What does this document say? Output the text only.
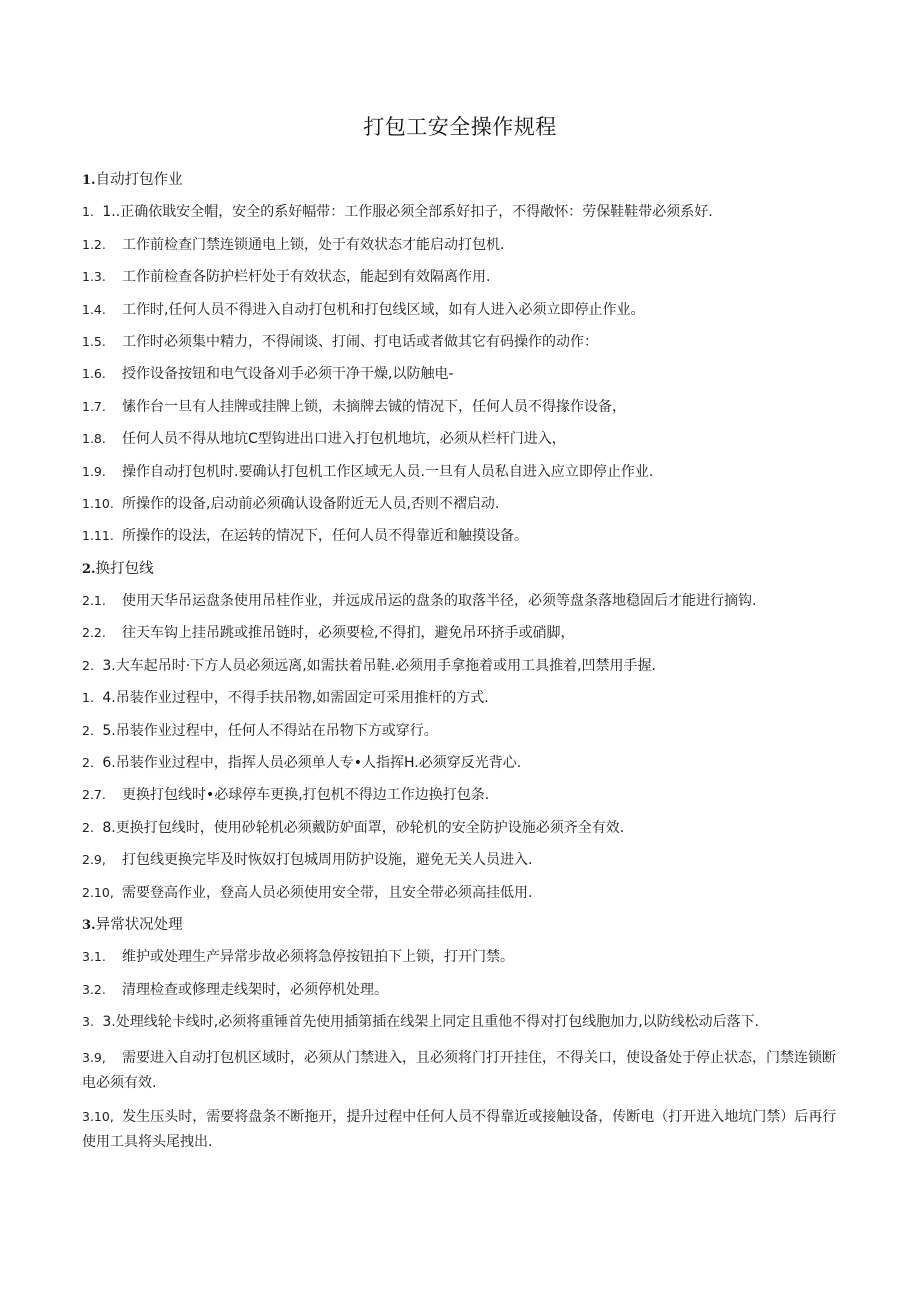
打包工安全操作规程
1.自动打包作业
1. 1..正确依戢安全帽，安全的系好幅带：工作服必须全部系好扣子，不得敞怀：劳保鞋鞋带必须系好.
1.2. 工作前检查门禁连锁通电上锁，处于有效状态才能启动打包机.
1.3. 工作前检查各防护栏杆处于有效状态，能起到有效隔离作用.
1.4. 工作时,任何人员不得进入自动打包机和打包线区域，如有人进入必须立即停止作业。
1.5. 工作时必须集中精力，不得闹谈、打闹、打电话或者做其它有码操作的动作：
1.6. 授作设备按钮和电气设备刈手必须干净干燥,以防触电-
1.7. 愫作台一旦有人挂牌或挂牌上锁，未摘牌去铖的情况下，任何人员不得掾作设备，
1.8. 任何人员不得从地坑C型钩进出口进入打包机地坑，必须从栏杆门进入，
1.9. 操作自动打包机时.要确认打包机工作区域无人员.一旦有人员私自进入应立即停止作业.
1.10. 所操作的设备,启动前必须确认设备附近无人员,否则不褶启动.
1.11. 所操作的设法，在运转的情况下，任何人员不得靠近和触摸设备。
2.换打包线
2.1. 使用天华吊运盘条使用吊桂作业，并远成吊运的盘条的取落半径，必须等盘条落地稳固后才能进行摘钩.
2.2. 往天车钩上挂吊跳或推吊链时，必须要检,不得扪，避免吊环挤手或硝脚，
2. 3.大车起吊时·下方人员必须远离,如需扶着吊鞋.必须用手拿拖着或用工具推着,凹禁用手握.
1. 4.吊装作业过程中，不得手扶吊物,如需固定可采用推杆的方式.
2. 5.吊装作业过程中，任何人不得站在吊物下方或穿行。
2. 6.吊装作业过程中，指挥人员必须单人专•人指挥H.必须穿反光背心.
2.7. 更换打包线时•必球停车更换,打包机不得边工作边换打包条.
2. 8.更换打包线时，使用砂轮机必须戴防妒面罩，砂轮机的安全防护设施必须齐全有效.
2.9, 打包线更换完毕及时恢奴打包城周用防护设施，避免无关人员进入.
2.10, 需要登高作业，登高人员必须使用安全带，且安全带必须高挂低用.
3.异常状况处理
3.1. 维护或处理生产异常步故必须将急停按钮拍下上锁，打开门禁。
3.2. 清理检查或修理走线架时，必须停机处理。
3. 3.处理线轮卡线时,必须将重锤首先使用插第插在线架上同定且重他不得对打包线胞加力,以防线松动后落下.
3.9, 需要进入自动打包机区域时，必须从门禁进入，且必须将门打开挂住，不得关口，使设备处于停止状态，门禁连锁断电必须有效.
3.10, 发生压头时，需要将盘条不断拖开，提升过程中任何人员不得靠近或接触设备，传断电（打开进入地坑门禁）后再行使用工具将头尾拽出.
